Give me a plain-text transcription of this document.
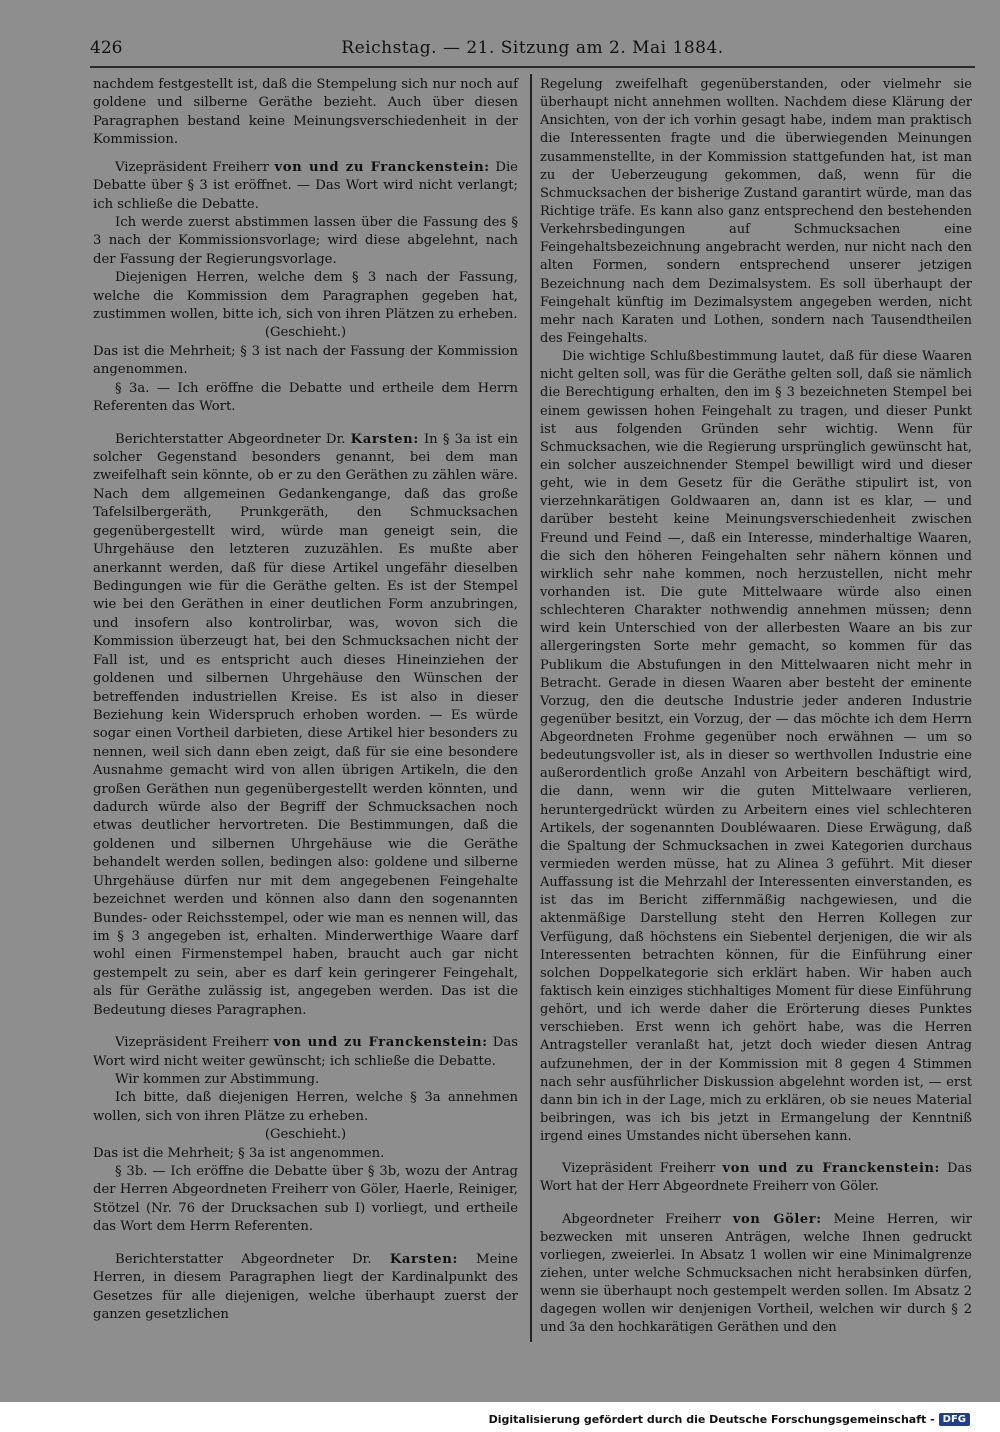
426	Reichstag. — 21. Sitzung am 2. Mai 1884.

nachdem festgestellt ist, daß die Stempelung sich nur noch auf goldene und silberne Geräthe bezieht. Auch über diesen Paragraphen bestand keine Meinungsverschiedenheit in der Kommission.

Vizepräsident Freiherr von und zu Franckenstein: Die Debatte über § 3 ist eröffnet. — Das Wort wird nicht verlangt; ich schließe die Debatte.

Ich werde zuerst abstimmen lassen über die Fassung des § 3 nach der Kommissionsvorlage; wird diese abgelehnt, nach der Fassung der Regierungsvorlage.

Diejenigen Herren, welche dem § 3 nach der Fassung, welche die Kommission dem Paragraphen gegeben hat, zustimmen wollen, bitte ich, sich von ihren Plätzen zu erheben.

(Geschieht.)

Das ist die Mehrheit; § 3 ist nach der Fassung der Kommission angenommen.

§ 3a. — Ich eröffne die Debatte und ertheile dem Herrn Referenten das Wort.

Berichterstatter Abgeordneter Dr. Karsten: In § 3a ist ein solcher Gegenstand besonders genannt, bei dem man zweifelhaft sein könnte, ob er zu den Geräthen zu zählen wäre. Nach dem allgemeinen Gedankengange, daß das große Tafelsilbergeräth, Prunkgeräth, den Schmucksachen gegenübergestellt wird, würde man geneigt sein, die Uhrgehäuse den letzteren zuzuzählen. Es mußte aber anerkannt werden, daß für diese Artikel ungefähr dieselben Bedingungen wie für die Geräthe gelten. Es ist der Stempel wie bei den Geräthen in einer deutlichen Form anzubringen, und insofern also kontrolirbar, was, wovon sich die Kommission überzeugt hat, bei den Schmucksachen nicht der Fall ist, und es entspricht auch dieses Hineinziehen der goldenen und silbernen Uhrgehäuse den Wünschen der betreffenden industriellen Kreise. Es ist also in dieser Beziehung kein Widerspruch erhoben worden. — Es würde sogar einen Vortheil darbieten, diese Artikel hier besonders zu nennen, weil sich dann eben zeigt, daß für sie eine besondere Ausnahme gemacht wird von allen übrigen Artikeln, die den großen Geräthen nun gegenübergestellt werden könnten, und dadurch würde also der Begriff der Schmucksachen noch etwas deutlicher hervortreten. Die Bestimmungen, daß die goldenen und silbernen Uhrgehäuse wie die Geräthe behandelt werden sollen, bedingen also: goldene und silberne Uhrgehäuse dürfen nur mit dem angegebenen Feingehalte bezeichnet werden und können also dann den sogenannten Bundes- oder Reichsstempel, oder wie man es nennen will, das im § 3 angegeben ist, erhalten. Minderwerthige Waare darf wohl einen Firmenstempel haben, braucht auch gar nicht gestempelt zu sein, aber es darf kein geringerer Feingehalt, als für Geräthe zulässig ist, angegeben werden. Das ist die Bedeutung dieses Paragraphen.

Vizepräsident Freiherr von und zu Franckenstein: Das Wort wird nicht weiter gewünscht; ich schließe die Debatte.

Wir kommen zur Abstimmung.

Ich bitte, daß diejenigen Herren, welche § 3a annehmen wollen, sich von ihren Plätze zu erheben.

(Geschieht.)

Das ist die Mehrheit; § 3a ist angenommen.

§ 3b. — Ich eröffne die Debatte über § 3b, wozu der Antrag der Herren Abgeordneten Freiherr von Göler, Haerle, Reiniger, Stötzel (Nr. 76 der Drucksachen sub I) vorliegt, und ertheile das Wort dem Herrn Referenten.

Berichterstatter Abgeordneter Dr. Karsten: Meine Herren, in diesem Paragraphen liegt der Kardinalpunkt des Gesetzes für alle diejenigen, welche überhaupt zuerst der ganzen gesetzlichen

Regelung zweifelhaft gegenüberstanden, oder vielmehr sie überhaupt nicht annehmen wollten. Nachdem diese Klärung der Ansichten, von der ich vorhin gesagt habe, indem man praktisch die Interessenten fragte und die überwiegenden Meinungen zusammenstellte, in der Kommission stattgefunden hat, ist man zu der Ueberzeugung gekommen, daß, wenn für die Schmucksachen der bisherige Zustand garantirt würde, man das Richtige träfe. Es kann also ganz entsprechend den bestehenden Verkehrsbedingungen auf Schmucksachen eine Feingehaltsbezeichnung angebracht werden, nur nicht nach den alten Formen, sondern entsprechend unserer jetzigen Bezeichnung nach dem Dezimalsystem. Es soll überhaupt der Feingehalt künftig im Dezimalsystem angegeben werden, nicht mehr nach Karaten und Lothen, sondern nach Tausendtheilen des Feingehalts.

Die wichtige Schlußbestimmung lautet, daß für diese Waaren nicht gelten soll, was für die Geräthe gelten soll, daß sie nämlich die Berechtigung erhalten, den im § 3 bezeichneten Stempel bei einem gewissen hohen Feingehalt zu tragen, und dieser Punkt ist aus folgenden Gründen sehr wichtig. Wenn für Schmucksachen, wie die Regierung ursprünglich gewünscht hat, ein solcher auszeichnender Stempel bewilligt wird und dieser geht, wie in dem Gesetz für die Geräthe stipulirt ist, von vierzehnkarätigen Goldwaaren an, dann ist es klar, — und darüber besteht keine Meinungsverschiedenheit zwischen Freund und Feind —, daß ein Interesse, minderhaltige Waaren, die sich den höheren Feingehalten sehr nähern können und wirklich sehr nahe kommen, noch herzustellen, nicht mehr vorhanden ist. Die gute Mittelwaare würde also einen schlechteren Charakter nothwendig annehmen müssen; denn wird kein Unterschied von der allerbesten Waare an bis zur allergeringsten Sorte mehr gemacht, so kommen für das Publikum die Abstufungen in den Mittelwaaren nicht mehr in Betracht. Gerade in diesen Waaren aber besteht der eminente Vorzug, den die deutsche Industrie jeder anderen Industrie gegenüber besitzt, ein Vorzug, der — das möchte ich dem Herrn Abgeordneten Frohme gegenüber noch erwähnen — um so bedeutungsvoller ist, als in dieser so werthvollen Industrie eine außerordentlich große Anzahl von Arbeitern beschäftigt wird, die dann, wenn wir die guten Mittelwaare verlieren, heruntergedrückt würden zu Arbeitern eines viel schlechteren Artikels, der sogenannten Doubléwaaren. Diese Erwägung, daß die Spaltung der Schmucksachen in zwei Kategorien durchaus vermieden werden müsse, hat zu Alinea 3 geführt. Mit dieser Auffassung ist die Mehrzahl der Interessenten einverstanden, es ist das im Bericht ziffernmäßig nachgewiesen, und die aktenmäßige Darstellung steht den Herren Kollegen zur Verfügung, daß höchstens ein Siebentel derjenigen, die wir als Interessenten betrachten können, für die Einführung einer solchen Doppelkategorie sich erklärt haben. Wir haben auch faktisch kein einziges stichhaltiges Moment für diese Einführung gehört, und ich werde daher die Erörterung dieses Punktes verschieben. Erst wenn ich gehört habe, was die Herren Antragsteller veranlaßt hat, jetzt doch wieder diesen Antrag aufzunehmen, der in der Kommission mit 8 gegen 4 Stimmen nach sehr ausführlicher Diskussion abgelehnt worden ist, — erst dann bin ich in der Lage, mich zu erklären, ob sie neues Material beibringen, was ich bis jetzt in Ermangelung der Kenntniß irgend eines Umstandes nicht übersehen kann.

Vizepräsident Freiherr von und zu Franckenstein: Das Wort hat der Herr Abgeordnete Freiherr von Göler.

Abgeordneter Freiherr von Göler: Meine Herren, wir bezwecken mit unseren Anträgen, welche Ihnen gedruckt vorliegen, zweierlei. In Absatz 1 wollen wir eine Minimalgrenze ziehen, unter welche Schmucksachen nicht herabsinken dürfen, wenn sie überhaupt noch gestempelt werden sollen. Im Absatz 2 dagegen wollen wir denjenigen Vortheil, welchen wir durch § 2 und 3a den hochkarätigen Geräthen und den

Digitalisierung gefördert durch die Deutsche Forschungsgemeinschaft - DFG
